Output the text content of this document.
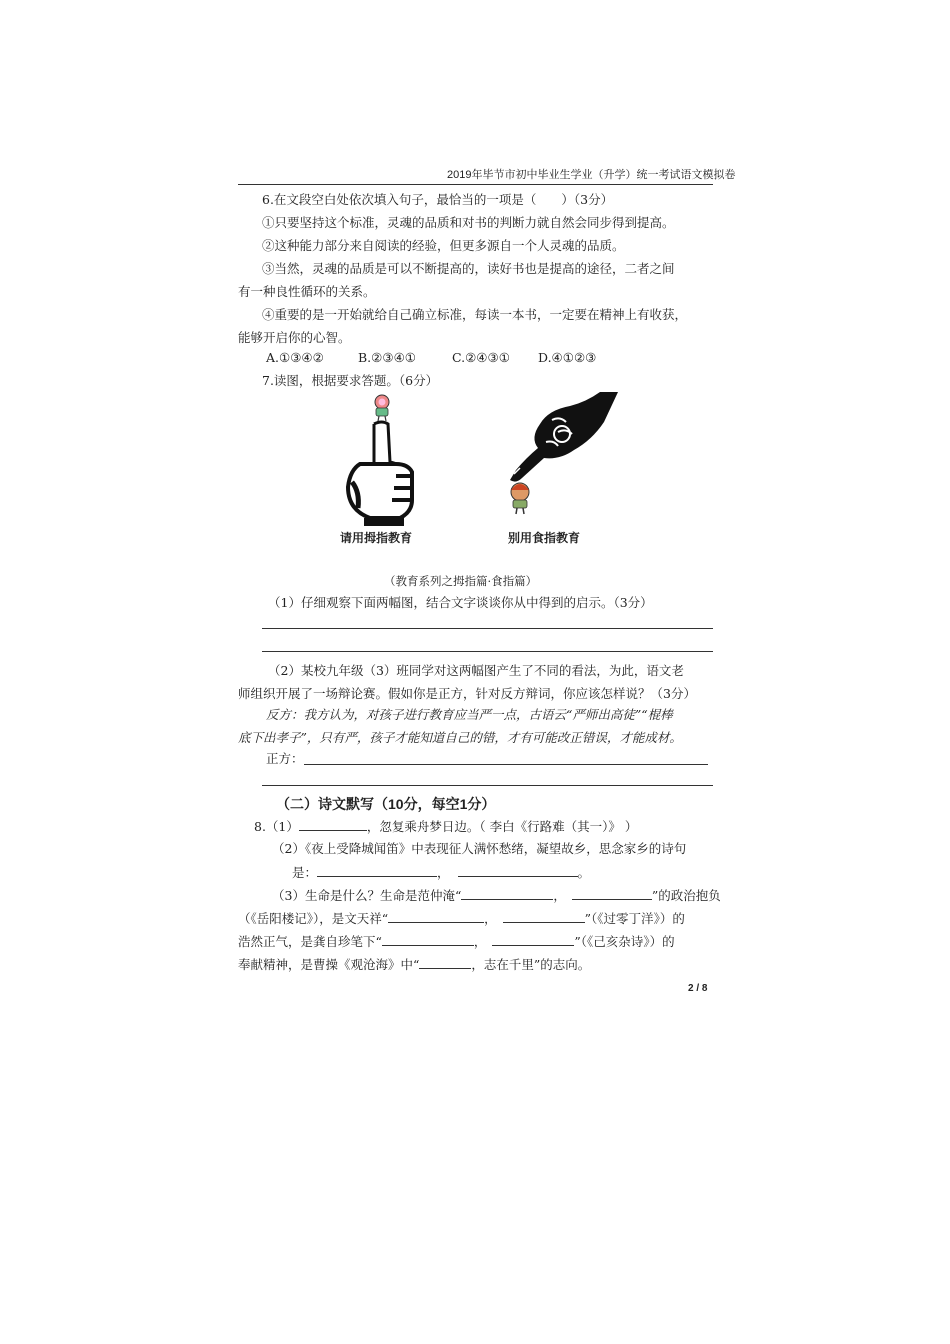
2019年毕节市初中毕业生学业（升学）统一考试语文模拟卷
6.在文段空白处依次填入句子，最恰当的一项是（　　）（3分）
①只要坚持这个标准，灵魂的品质和对书的判断力就自然会同步得到提高。
②这种能力部分来自阅读的经验，但更多源自一个人灵魂的品质。
③当然，灵魂的品质是可以不断提高的，读好书也是提高的途径，二者之间
有一种良性循环的关系。
④重要的是一开始就给自己确立标准，每读一本书，一定要在精神上有收获，
能够开启你的心智。
A.①③④②	B.②③④①	C.②④③① D.④①②③
7.读图，根据要求答题。（6分）
请用拇指教育	别用食指教育
（教育系列之拇指篇·食指篇）
（1）仔细观察下面两幅图，结合文字谈谈你从中得到的启示。（3分）
（2）某校九年级（3）班同学对这两幅图产生了不同的看法，为此，语文老
师组织开展了一场辩论赛。假如你是正方，针对反方辩词，你应该怎样说？（3分）
反方：我方认为，对孩子进行教育应当严一点，古语云“严师出高徒”“棍棒
底下出孝子”，只有严，孩子才能知道自己的错，才有可能改正错误，才能成材。
正方：
（二）诗文默写（10分，每空1分）
8.（1）	，忽复乘舟梦日边。（ 李白《行路难（其一）》 ）
（2）《夜上受降城闻笛》中表现征人满怀愁绪，凝望故乡，思念家乡的诗句
是：	，	。
（3）生命是什么？生命是范仲淹“	，	”的政治抱负
（《岳阳楼记》），是文天祥“	，	”（《过零丁洋》）的
浩然正气，是龚自珍笔下“	，	”（《己亥杂诗》）的
奉献精神，是曹操《观沧海》中“	，志在千里”的志向。
2 / 8
